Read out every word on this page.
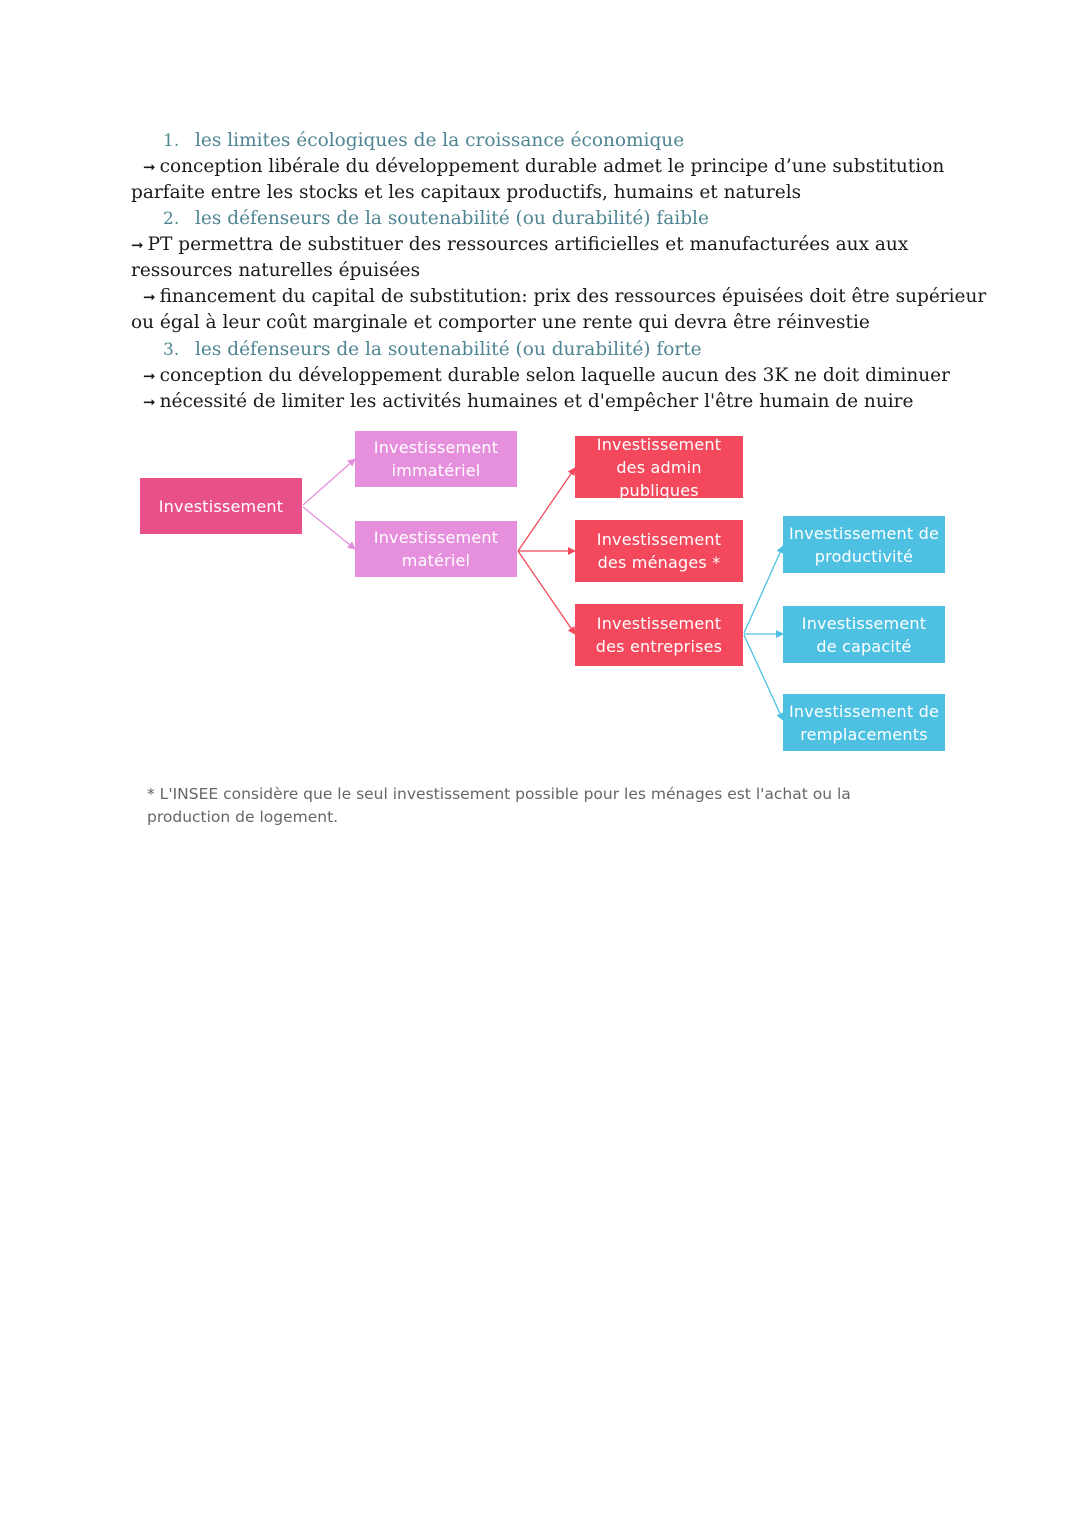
1. les limites écologiques de la croissance économique
➞ conception libérale du développement durable admet le principe d’une substitution
parfaite entre les stocks et les capitaux productifs, humains et naturels
2. les défenseurs de la soutenabilité (ou durabilité) faible
➞ PT permettra de substituer des ressources artificielles et manufacturées aux aux
ressources naturelles épuisées
➞ financement du capital de substitution: prix des ressources épuisées doit être supérieur
ou égal à leur coût marginale et comporter une rente qui devra être réinvestie
3. les défenseurs de la soutenabilité (ou durabilité) forte
➞ conception du développement durable selon laquelle aucun des 3K ne doit diminuer
➞ nécessité de limiter les activités humaines et d'empêcher l'être humain de nuire
Investissement
Investissement
immatériel
Investissement
matériel
Investissement
des admin publiques
Investissement
des ménages *
Investissement
des entreprises
Investissement de
productivité
Investissement
de capacité
Investissement de
remplacements
* L'INSEE considère que le seul investissement possible pour les ménages est l'achat ou la production de logement.
